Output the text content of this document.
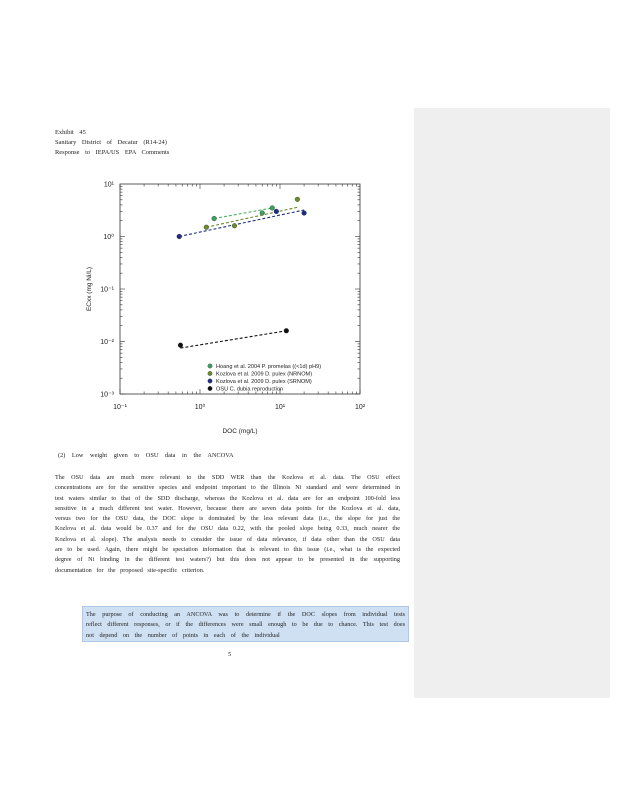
Exhibit 45
Sanitary District of Decatur (R14-24)
Response to IEPA/US EPA Comments
10⁻¹	10⁰	10¹	10²
10⁻³
10⁻²
10⁻¹
10⁰
10¹
DOC (mg/L)
ECxx (mg Ni/L)
Hoang et al. 2004 P. promelas ((<1d) pH9)
Kozlova et al. 2009 D. pulex (NRNOM)
Kozlova et al. 2009 D. pulex (SRNOM)
OSU C. dubia reproduction
(2) Low weight given to OSU data in the ANCOVA
The OSU data are much more relevant to the SDD WER than the Kozlova et al. data. The OSU effect concentrations are for the sensitive species and endpoint important to the Illinois Ni standard and were determined in test waters similar to that of the SDD discharge, whereas the Kozlova et al. data are for an endpoint 100-fold less sensitive in a much different test water. However, because there are seven data points for the Kozlova et al. data, versus two for the OSU data, the DOC slope is dominated by the less relevant data (i.e., the slope for just the Kozlova et al. data would be 0.37 and for the OSU data 0.22, with the pooled slope being 0.33, much nearer the Kozlova et al. slope). The analysis needs to consider the issue of data relevance, if data other than the OSU data are to be used. Again, there might be speciation information that is relevant to this issue (i.e., what is the expected degree of Ni binding in the different test waters?) but this does not appear to be presented in the supporting documentation for the proposed site-specific criterion.

The purpose of conducting an ANCOVA was to determine if the DOC slopes from individual tests reflect different responses, or if the differences were small enough to be due to chance. This test does not depend on the number of points in each of the individual

5
